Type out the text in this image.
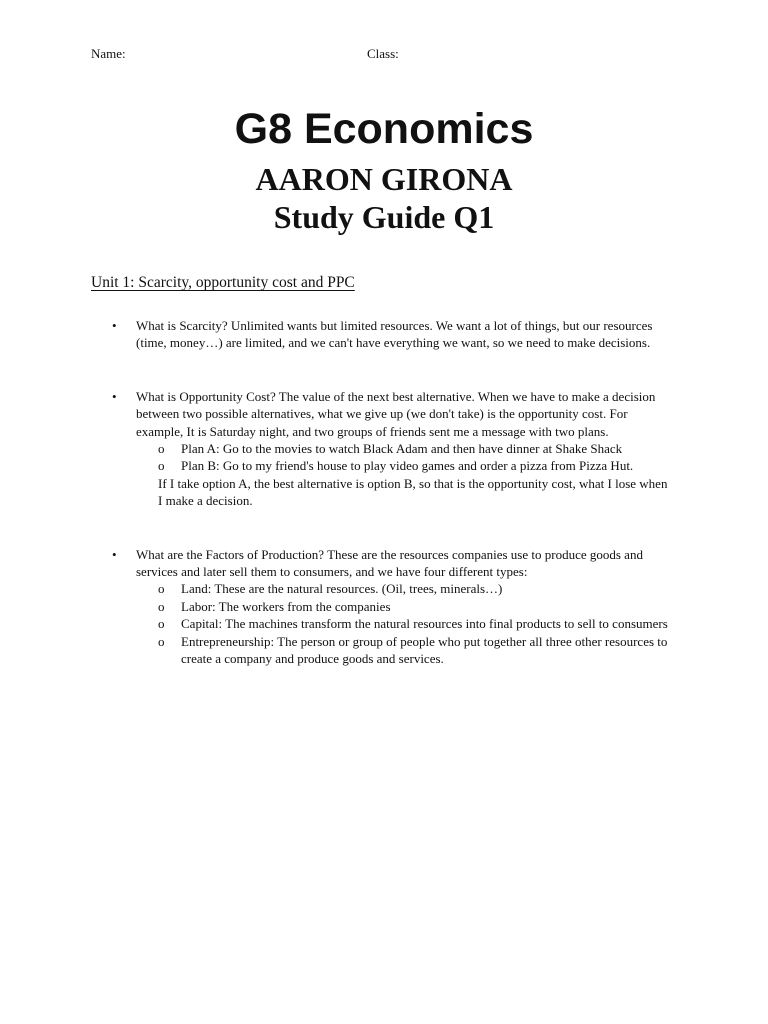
Name:	Class:
G8 Economics
AARON GIRONA
Study Guide Q1
Unit 1: Scarcity, opportunity cost and PPC
• What is Scarcity? Unlimited wants but limited resources. We want a lot of things, but our resources (time, money…) are limited, and we can't have everything we want, so we need to make decisions.

• What is Opportunity Cost? The value of the next best alternative. When we have to make a decision between two possible alternatives, what we give up (we don't take) is the opportunity cost. For example, It is Saturday night, and two groups of friends sent me a message with two plans.

o Plan A: Go to the movies to watch Black Adam and then have dinner at Shake Shack
o Plan B: Go to my friend's house to play video games and order a pizza from Pizza Hut.

If I take option A, the best alternative is option B, so that is the opportunity cost, what I lose when I make a decision.

• What are the Factors of Production? These are the resources companies use to produce goods and services and later sell them to consumers, and we have four different types:

o Land: These are the natural resources. (Oil, trees, minerals…)
o Labor: The workers from the companies
o Capital: The machines transform the natural resources into final products to sell to consumers
o Entrepreneurship: The person or group of people who put together all three other resources to create a company and produce goods and services.
